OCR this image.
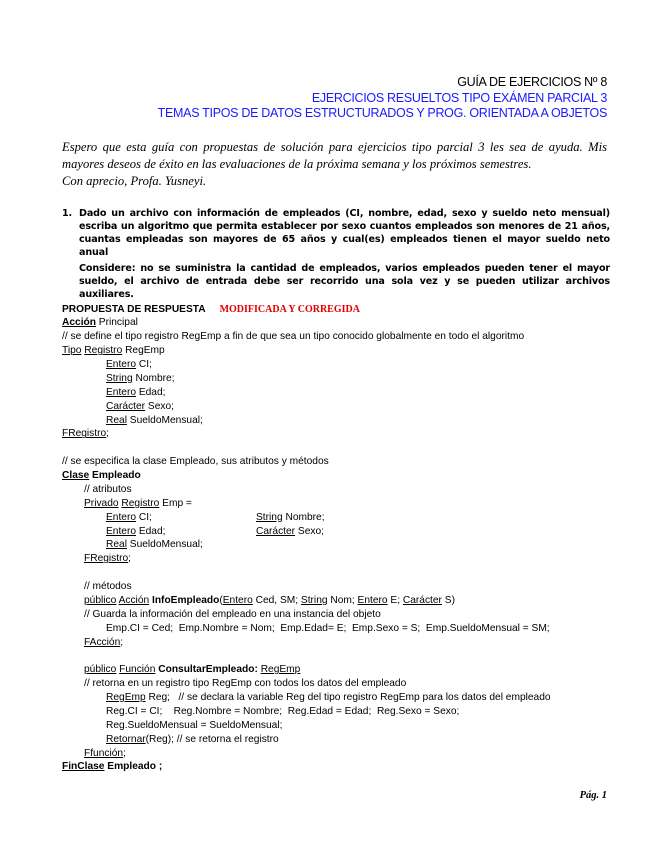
GUÍA DE EJERCICIOS Nº 8
EJERCICIOS RESUELTOS TIPO EXÁMEN PARCIAL 3
TEMAS TIPOS DE DATOS ESTRUCTURADOS Y PROG. ORIENTADA A OBJETOS
Espero que esta guía con propuestas de solución para ejercicios tipo parcial 3 les sea de ayuda. Mis mayores deseos de éxito en las evaluaciones de la próxima semana y los próximos semestres.
Con aprecio, Profa. Yusneyi.
1. Dado un archivo con información de empleados (CI, nombre, edad, sexo y sueldo neto mensual) escriba un algoritmo que permita establecer por sexo cuantos empleados son menores de 21 años, cuantas empleadas son mayores de 65 años y cual(es) empleados tienen el mayor sueldo neto anual

Considere: no se suministra la cantidad de empleados, varios empleados pueden tener el mayor sueldo, el archivo de entrada debe ser recorrido una sola vez y se pueden utilizar archivos auxiliares.

PROPUESTA DE RESPUESTA MODIFICADA Y CORREGIDA
Acción Principal
// se define el tipo registro RegEmp a fin de que sea un tipo conocido globalmente en todo el algoritmo
Tipo Registro RegEmp
Entero CI;
String Nombre;
Entero Edad;
Carácter Sexo;
Real SueldoMensual;
FRegistro;
// se especifica la clase Empleado, sus atributos y métodos
Clase Empleado
// atributos
Privado Registro Emp =
Entero CI;	String Nombre;
Entero Edad;	Carácter Sexo;
Real SueldoMensual;
FRegistro;
// métodos
público Acción InfoEmpleado(Entero Ced, SM; String Nom; Entero E; Carácter S)
// Guarda la información del empleado en una instancia del objeto
Emp.CI = Ced;  Emp.Nombre = Nom;  Emp.Edad= E;  Emp.Sexo = S;  Emp.SueldoMensual = SM;
FAcción;
público Función ConsultarEmpleado: RegEmp
// retorna en un registro tipo RegEmp con todos los datos del empleado
RegEmp Reg;   // se declara la variable Reg del tipo registro RegEmp para los datos del empleado
Reg.CI = CI;    Reg.Nombre = Nombre;  Reg.Edad = Edad;  Reg.Sexo = Sexo;
Reg.SueldoMensual = SueldoMensual;
Retornar(Reg); // se retorna el registro
Ffunción;
FinClase Empleado ;
Pág. 1
